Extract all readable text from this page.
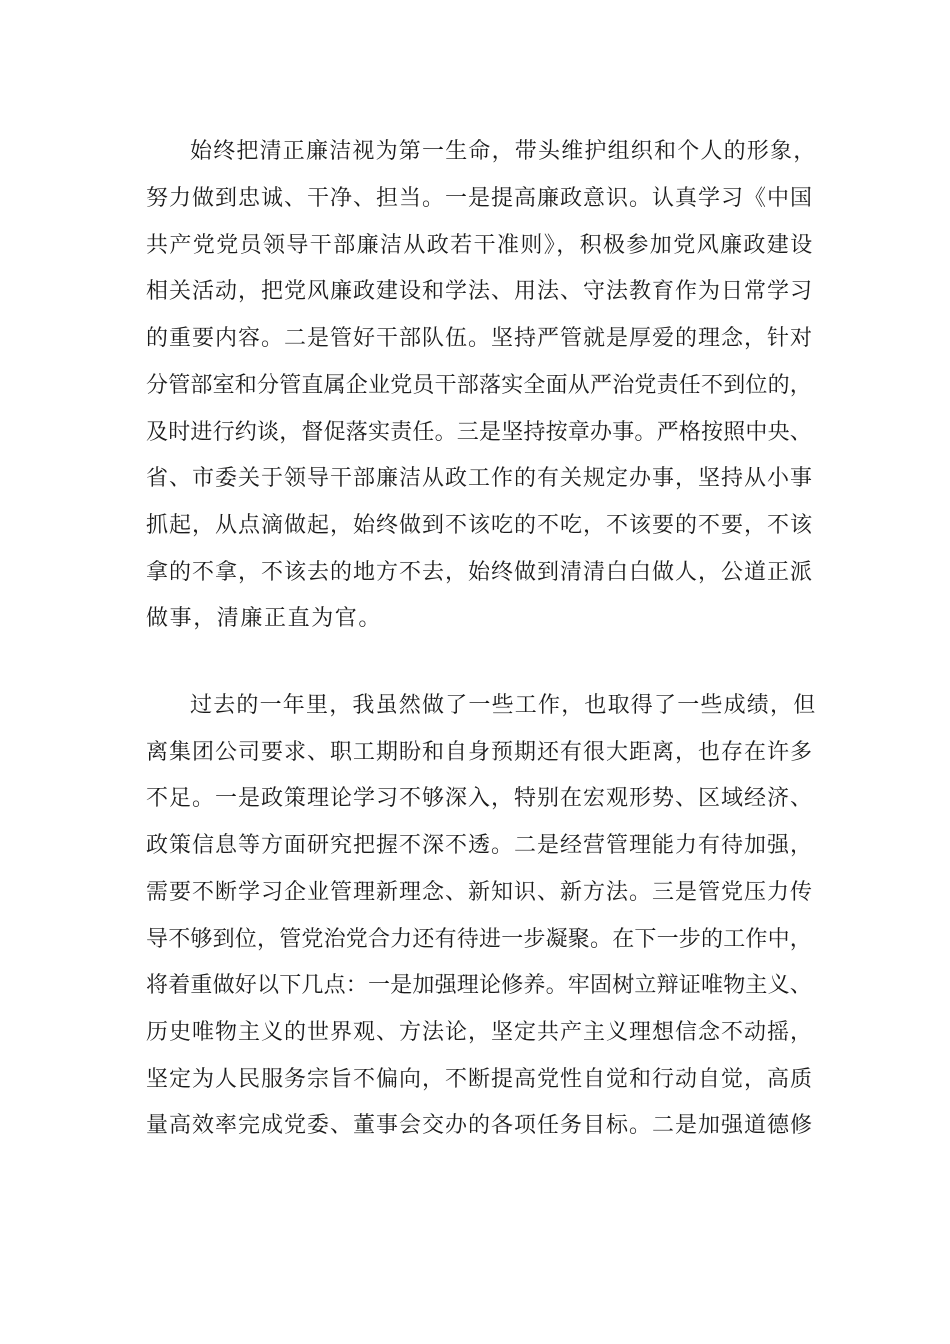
始终把清正廉洁视为第一生命，带头维护组织和个人的形象，
努力做到忠诚、干净、担当。一是提高廉政意识。认真学习《中国
共产党党员领导干部廉洁从政若干准则》，积极参加党风廉政建设
相关活动，把党风廉政建设和学法、用法、守法教育作为日常学习
的重要内容。二是管好干部队伍。坚持严管就是厚爱的理念，针对
分管部室和分管直属企业党员干部落实全面从严治党责任不到位的，
及时进行约谈，督促落实责任。三是坚持按章办事。严格按照中央、
省、市委关于领导干部廉洁从政工作的有关规定办事，坚持从小事
抓起，从点滴做起，始终做到不该吃的不吃，不该要的不要，不该
拿的不拿，不该去的地方不去，始终做到清清白白做人，公道正派
做事，清廉正直为官。
过去的一年里，我虽然做了一些工作，也取得了一些成绩，但
离集团公司要求、职工期盼和自身预期还有很大距离，也存在许多
不足。一是政策理论学习不够深入，特别在宏观形势、区域经济、
政策信息等方面研究把握不深不透。二是经营管理能力有待加强，
需要不断学习企业管理新理念、新知识、新方法。三是管党压力传
导不够到位，管党治党合力还有待进一步凝聚。在下一步的工作中，
将着重做好以下几点：一是加强理论修养。牢固树立辩证唯物主义、
历史唯物主义的世界观、方法论，坚定共产主义理想信念不动摇，
坚定为人民服务宗旨不偏向，不断提高党性自觉和行动自觉，高质
量高效率完成党委、董事会交办的各项任务目标。二是加强道德修
